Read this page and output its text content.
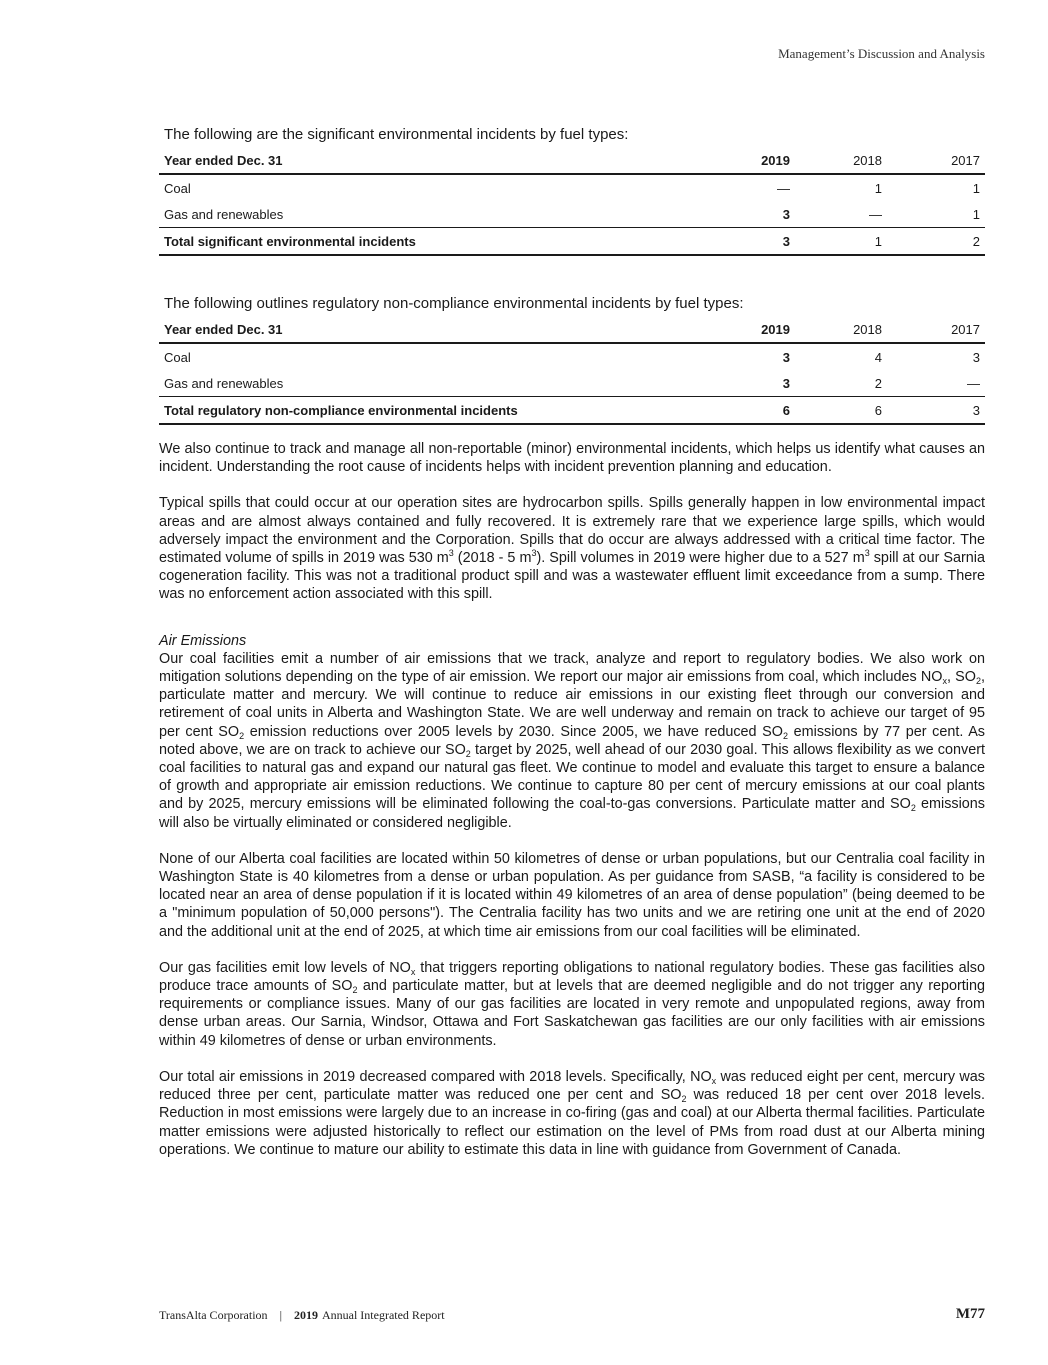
Management’s Discussion and Analysis
The following are the significant environmental incidents by fuel types:
Year ended Dec. 31	2019	2018	2017
Coal	—	1	1
Gas and renewables	3	—	1
Total significant environmental incidents	3	1	2
The following outlines regulatory non-compliance environmental incidents by fuel types:
Year ended Dec. 31	2019	2018	2017
Coal	3	4	3
Gas and renewables	3	2	—
Total regulatory non-compliance environmental incidents	6	6	3

We also continue to track and manage all non-reportable (minor) environmental incidents, which helps us identify what causes an incident. Understanding the root cause of incidents helps with incident prevention planning and education.

Typical spills that could occur at our operation sites are hydrocarbon spills. Spills generally happen in low environmental impact areas and are almost always contained and fully recovered. It is extremely rare that we experience large spills, which would adversely impact the environment and the Corporation. Spills that do occur are always addressed with a critical time factor. The estimated volume of spills in 2019 was 530 $m^3$ (2018 - 5 $m^3$). Spill volumes in 2019 were higher due to a 527 $m^3$ spill at our Sarnia cogeneration facility. This was not a traditional product spill and was a wastewater effluent limit exceedance from a sump. There was no enforcement action associated with this spill.

Air Emissions

Our coal facilities emit a number of air emissions that we track, analyze and report to regulatory bodies. We also work on mitigation solutions depending on the type of air emission. We report our major air emissions from coal, which includes $NO_x$, $SO_2$, particulate matter and mercury. We will continue to reduce air emissions in our existing fleet through our conversion and retirement of coal units in Alberta and Washington State. We are well underway and remain on track to achieve our target of 95 per cent $SO_2$ emission reductions over 2005 levels by 2030. Since 2005, we have reduced $SO_2$ emissions by 77 per cent. As noted above, we are on track to achieve our $SO_2$ target by 2025, well ahead of our 2030 goal. This allows flexibility as we convert coal facilities to natural gas and expand our natural gas fleet. We continue to model and evaluate this target to ensure a balance of growth and appropriate air emission reductions. We continue to capture 80 per cent of mercury emissions at our coal plants and by 2025, mercury emissions will be eliminated following the coal-to-gas conversions. Particulate matter and $SO_2$ emissions will also be virtually eliminated or considered negligible.

None of our Alberta coal facilities are located within 50 kilometres of dense or urban populations, but our Centralia coal facility in Washington State is 40 kilometres from a dense or urban population. As per guidance from SASB, “a facility is considered to be located near an area of dense population if it is located within 49 kilometres of an area of dense population” (being deemed to be a "minimum population of 50,000 persons"). The Centralia facility has two units and we are retiring one unit at the end of 2020 and the additional unit at the end of 2025, at which time air emissions from our coal facilities will be eliminated.

Our gas facilities emit low levels of $NO_x$ that triggers reporting obligations to national regulatory bodies. These gas facilities also produce trace amounts of $SO_2$ and particulate matter, but at levels that are deemed negligible and do not trigger any reporting requirements or compliance issues. Many of our gas facilities are located in very remote and unpopulated regions, away from dense urban areas. Our Sarnia, Windsor, Ottawa and Fort Saskatchewan gas facilities are our only facilities with air emissions within 49 kilometres of dense or urban environments.

Our total air emissions in 2019 decreased compared with 2018 levels. Specifically, $NO_x$ was reduced eight per cent, mercury was reduced three per cent, particulate matter was reduced one per cent and $SO_2$ was reduced 18 per cent over 2018 levels. Reduction in most emissions were largely due to an increase in co-firing (gas and coal) at our Alberta thermal facilities. Particulate matter emissions were adjusted historically to reflect our estimation on the level of PMs from road dust at our Alberta mining operations. We continue to mature our ability to estimate this data in line with guidance from Government of Canada.

TransAlta Corporation | 2019 Annual Integrated Report	M77
